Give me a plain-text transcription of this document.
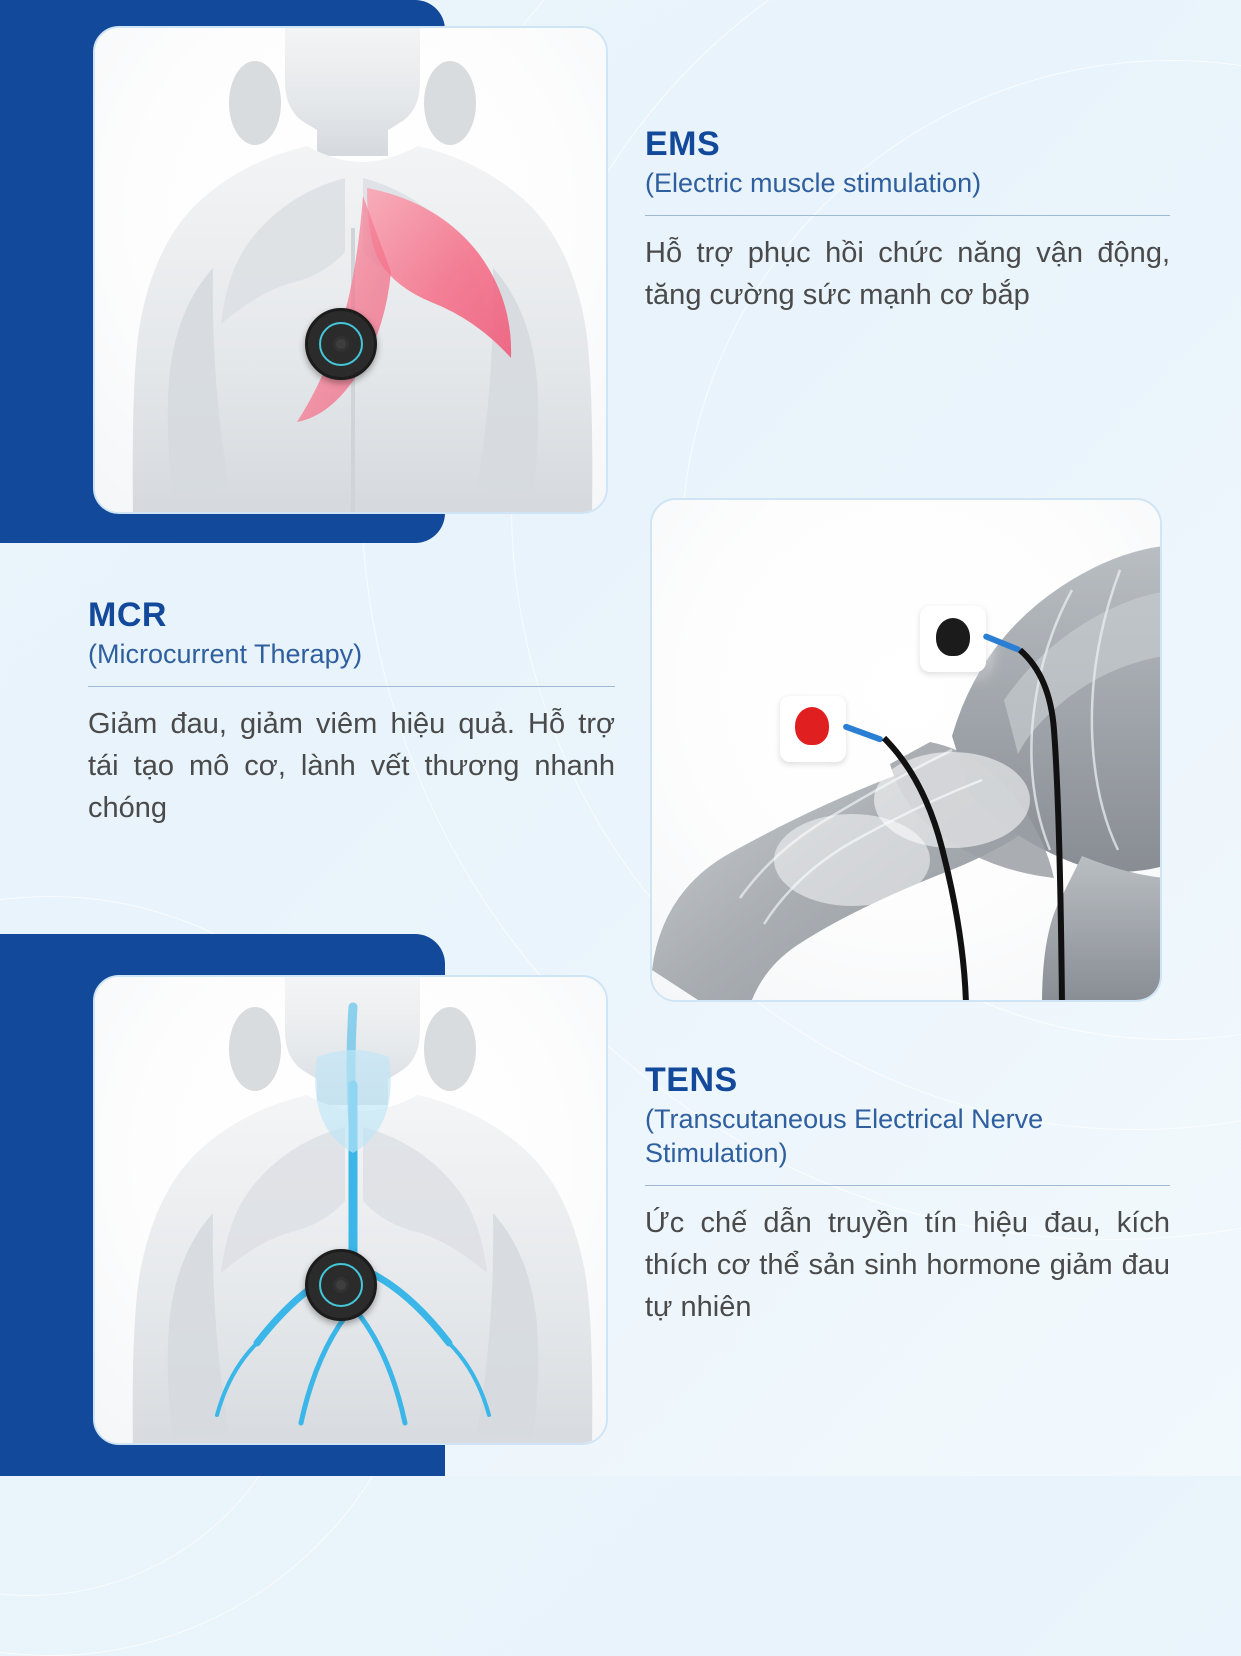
EMS

(Electric muscle stimulation)

Hỗ trợ phục hồi chức năng vận động, tăng cường sức mạnh cơ bắp

MCR

(Microcurrent Therapy)

Giảm đau, giảm viêm hiệu quả. Hỗ trợ tái tạo mô cơ, lành vết thương nhanh chóng

TENS

(Transcutaneous Electrical Nerve Stimulation)

Ức chế dẫn truyền tín hiệu đau, kích thích cơ thể sản sinh hormone giảm đau tự nhiên
